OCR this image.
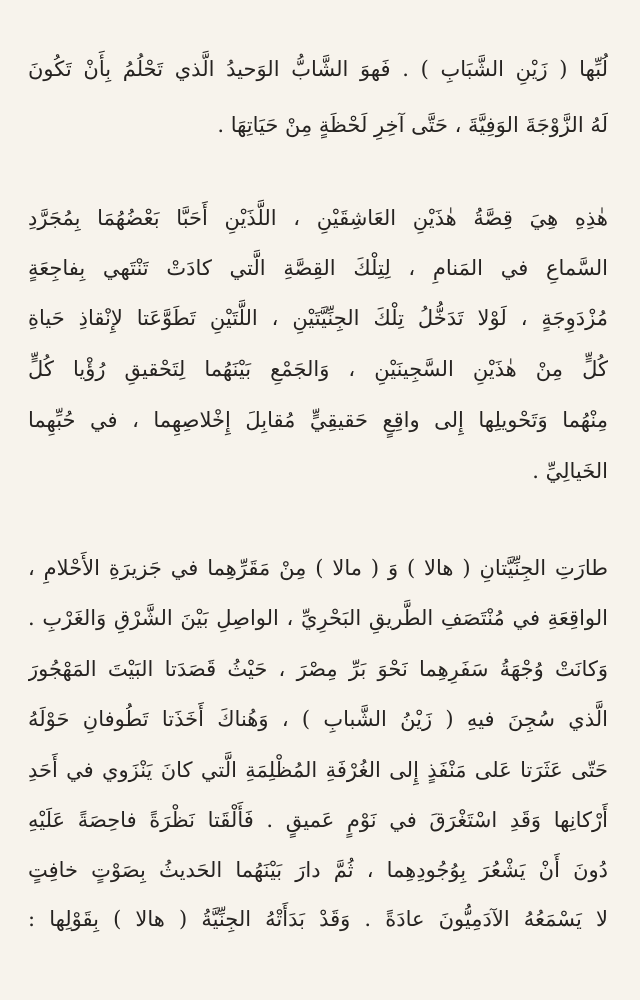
لُبِّها ( زَيْنِ الشَّبَابِ ) . فَهوَ الشَّابُّ الوَحيدُ الَّذي تَحْلُمُ بِأَنْ تَكُونَ
لَهُ الزَّوْجَةَ الوَفِيَّةَ ، حَتَّى آخِرِ لَحْظَةٍ مِنْ حَيَاتِهَا .
هٰذِهِ هِيَ قِصَّةُ هٰذَيْنِ العَاشِقَيْنِ ، اللَّذَيْنِ أَحَبَّا بَعْضُهُمَا بِمُجَرَّدِ
السَّماعِ في المَنامِ ، لِتِلْكَ القِصَّةِ الَّتي كادَتْ تَنْتَهي بِفاجِعَةٍ
مُزْدَوِجَةٍ ، لَوْلا تَدَخُّلُ تِلْكَ الجِنِّيَّتَيْنِ ، اللَّتَيْنِ تَطَوَّعَتا لإِنْقاذِ حَياةِ
كُلٍّ مِنْ هٰذَيْنِ السَّجِينَيْنِ ، وَالجَمْعِ بَيْنَهُما لِتَحْقيقِ رُؤْيا كُلٍّ
مِنْهُما وَتَحْويلِها إِلى واقِعٍ حَقيقِيٍّ مُقابِلَ إِخْلاصِهِما ، في حُبِّهِما
الخَيالِيِّ .
طارَتِ الجِنِّيَّتانِ ( هالا ) وَ ( مالا ) مِنْ مَقَرِّهِما في جَزيرَةِ الأَحْلامِ ،
الواقِعَةِ في مُنْتَصَفِ الطَّريقِ البَحْرِيِّ ، الواصِلِ بَيْنَ الشَّرْقِ وَالغَرْبِ .
وَكانَتْ وُجْهَةُ سَفَرِهِما نَحْوَ بَرِّ مِصْرَ ، حَيْثُ قَصَدَتا البَيْتَ المَهْجُورَ
الَّذي سُجِنَ فيهِ ( زَيْنُ الشَّبابِ ) ، وَهُناكَ أَخَذَتا تَطُوفانِ حَوْلَهُ
حَتّى عَثَرَتا عَلى مَنْفَذٍ إِلى الغُرْفَةِ المُظْلِمَةِ الَّتي كانَ يَنْزَوي في أَحَدِ
أَرْكانِها وَقَدِ اسْتَغْرَقَ في نَوْمٍ عَميقٍ . فَأَلْقَتا نَظْرَةً فاحِصَةً عَلَيْهِ
دُونَ أَنْ يَشْعُرَ بِوُجُودِهِما ، ثُمَّ دارَ بَيْنَهُما الحَديثُ بِصَوْتٍ خافِتٍ
لا يَسْمَعُهُ الآدَمِيُّونَ عادَةً . وَقَدْ بَدَأَتْهُ الجِنِّيَّةُ ( هالا ) بِقَوْلِها :
